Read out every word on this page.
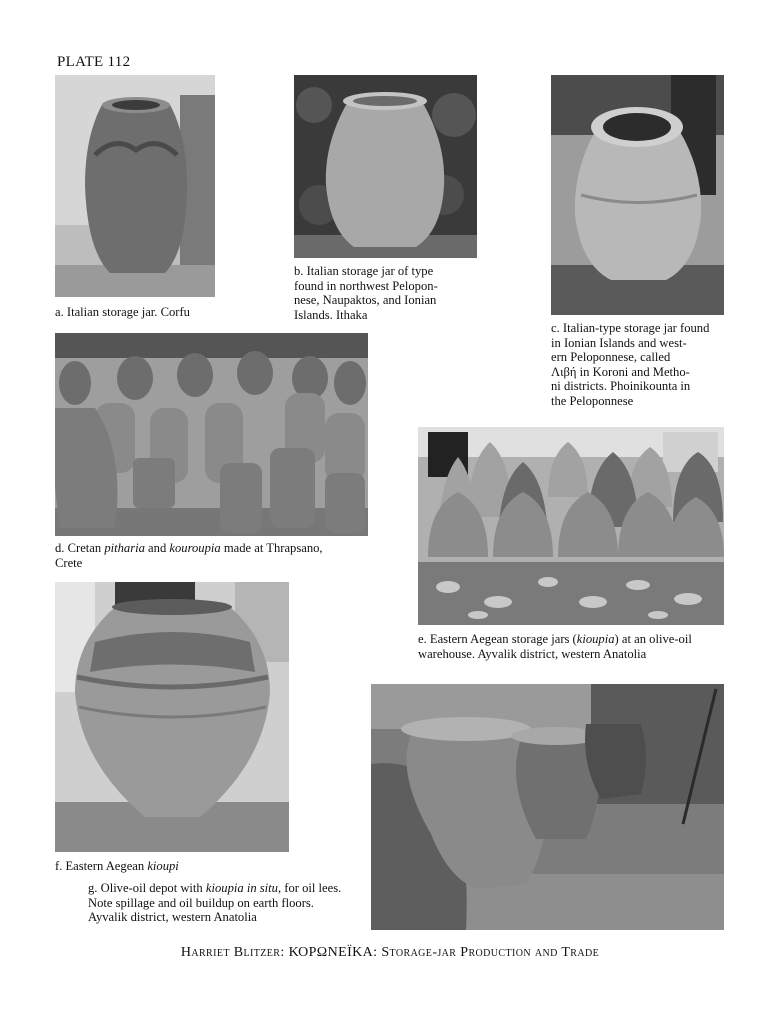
PLATE 112
a. Italian storage jar. Corfu
b. Italian storage jar of type
found in northwest Pelopon-
nese, Naupaktos, and Ionian
Islands. Ithaka
c. Italian-type storage jar found
in Ionian Islands and west-
ern Peloponnese, called
Λιβή in Koroni and Metho-
ni districts. Phoinikounta in
the Peloponnese
d. Cretan pitharia and kouroupia made at Thrapsano,
Crete
e. Eastern Aegean storage jars (kioupia) at an olive-oil
warehouse. Ayvalik district, western Anatolia
f. Eastern Aegean kioupi
g. Olive-oil depot with kioupia in situ, for oil lees.
Note spillage and oil buildup on earth floors.
Ayvalik district, western Anatolia
Harriet Blitzer: ΚΟΡΩΝΕΪΚΑ: Storage-jar Production and Trade
